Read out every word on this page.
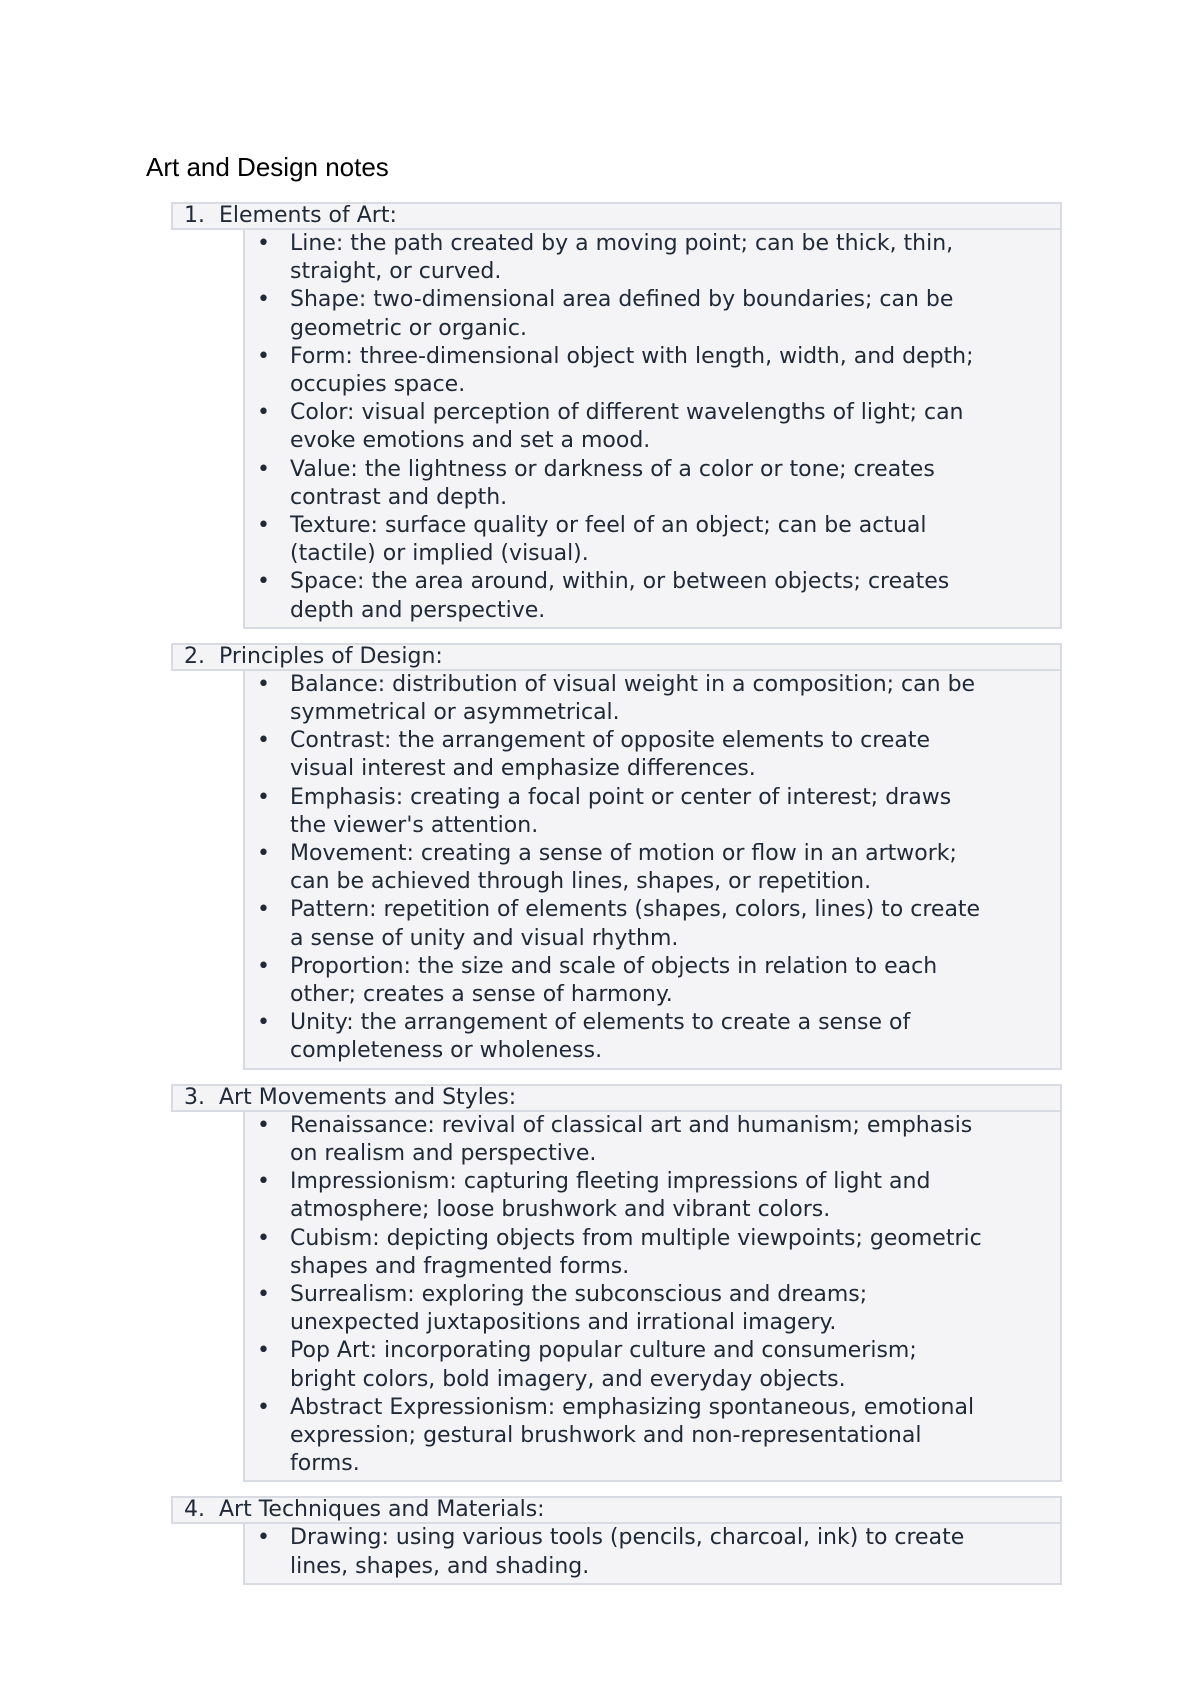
Art and Design notes
1. Elements of Art:
• Line: the path created by a moving point; can be thick, thin,
straight, or curved.
• Shape: two-dimensional area defined by boundaries; can be
geometric or organic.
• Form: three-dimensional object with length, width, and depth;
occupies space.
• Color: visual perception of different wavelengths of light; can
evoke emotions and set a mood.
• Value: the lightness or darkness of a color or tone; creates
contrast and depth.
• Texture: surface quality or feel of an object; can be actual
(tactile) or implied (visual).
• Space: the area around, within, or between objects; creates
depth and perspective.
2. Principles of Design:
• Balance: distribution of visual weight in a composition; can be
symmetrical or asymmetrical.
• Contrast: the arrangement of opposite elements to create
visual interest and emphasize differences.
• Emphasis: creating a focal point or center of interest; draws
the viewer's attention.
• Movement: creating a sense of motion or flow in an artwork;
can be achieved through lines, shapes, or repetition.
• Pattern: repetition of elements (shapes, colors, lines) to create
a sense of unity and visual rhythm.
• Proportion: the size and scale of objects in relation to each
other; creates a sense of harmony.
• Unity: the arrangement of elements to create a sense of
completeness or wholeness.
3. Art Movements and Styles:
• Renaissance: revival of classical art and humanism; emphasis
on realism and perspective.
• Impressionism: capturing fleeting impressions of light and
atmosphere; loose brushwork and vibrant colors.
• Cubism: depicting objects from multiple viewpoints; geometric
shapes and fragmented forms.
• Surrealism: exploring the subconscious and dreams;
unexpected juxtapositions and irrational imagery.
• Pop Art: incorporating popular culture and consumerism;
bright colors, bold imagery, and everyday objects.
• Abstract Expressionism: emphasizing spontaneous, emotional
expression; gestural brushwork and non-representational
forms.
4. Art Techniques and Materials:
• Drawing: using various tools (pencils, charcoal, ink) to create
lines, shapes, and shading.
